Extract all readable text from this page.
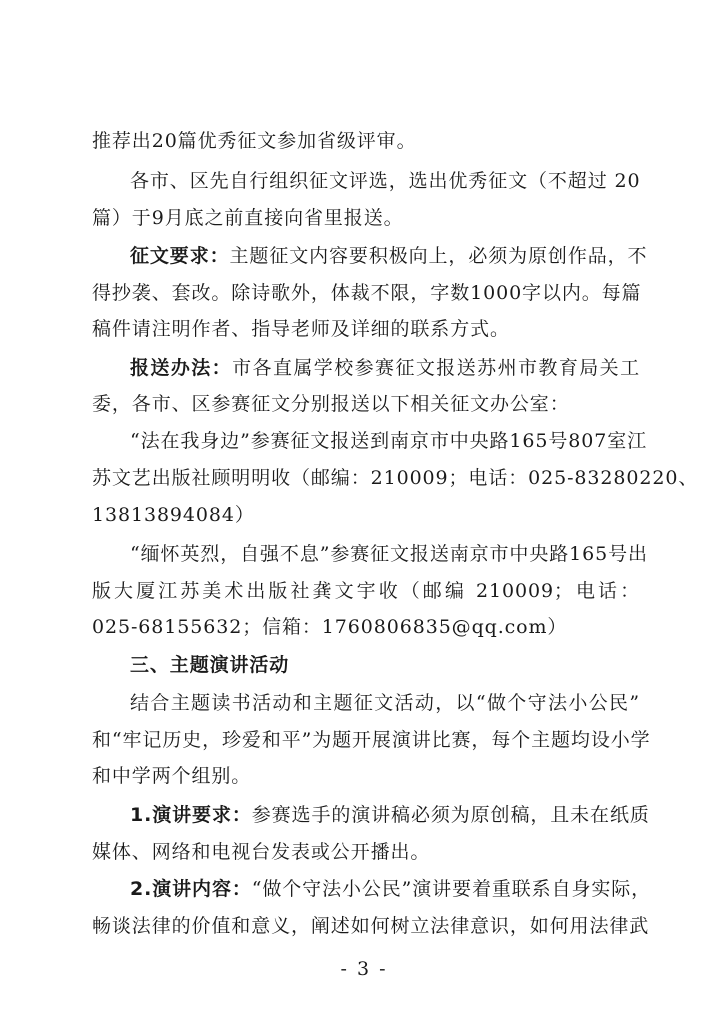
推荐出20篇优秀征文参加省级评审。
各市、区先自行组织征文评选，选出优秀征文（不超过 20
篇）于9月底之前直接向省里报送。
征文要求：主题征文内容要积极向上，必须为原创作品，不
得抄袭、套改。除诗歌外，体裁不限，字数1000字以内。每篇
稿件请注明作者、指导老师及详细的联系方式。
报送办法：市各直属学校参赛征文报送苏州市教育局关工
委，各市、区参赛征文分别报送以下相关征文办公室：
“法在我身边”参赛征文报送到南京市中央路165号807室江
苏文艺出版社顾明明收（邮编：210009；电话：025-83280220、
13813894084）
“缅怀英烈，自强不息”参赛征文报送南京市中央路165号出
版大厦江苏美术出版社龚文宇收（邮编 210009；电话：
025-68155632；信箱：1760806835@qq.com）
三、主题演讲活动
结合主题读书活动和主题征文活动，以“做个守法小公民”
和“牢记历史，珍爱和平”为题开展演讲比赛，每个主题均设小学
和中学两个组别。
1.演讲要求：参赛选手的演讲稿必须为原创稿，且未在纸质
媒体、网络和电视台发表或公开播出。
2.演讲内容：“做个守法小公民”演讲要着重联系自身实际，
畅谈法律的价值和意义，阐述如何树立法律意识，如何用法律武
- 3 -
